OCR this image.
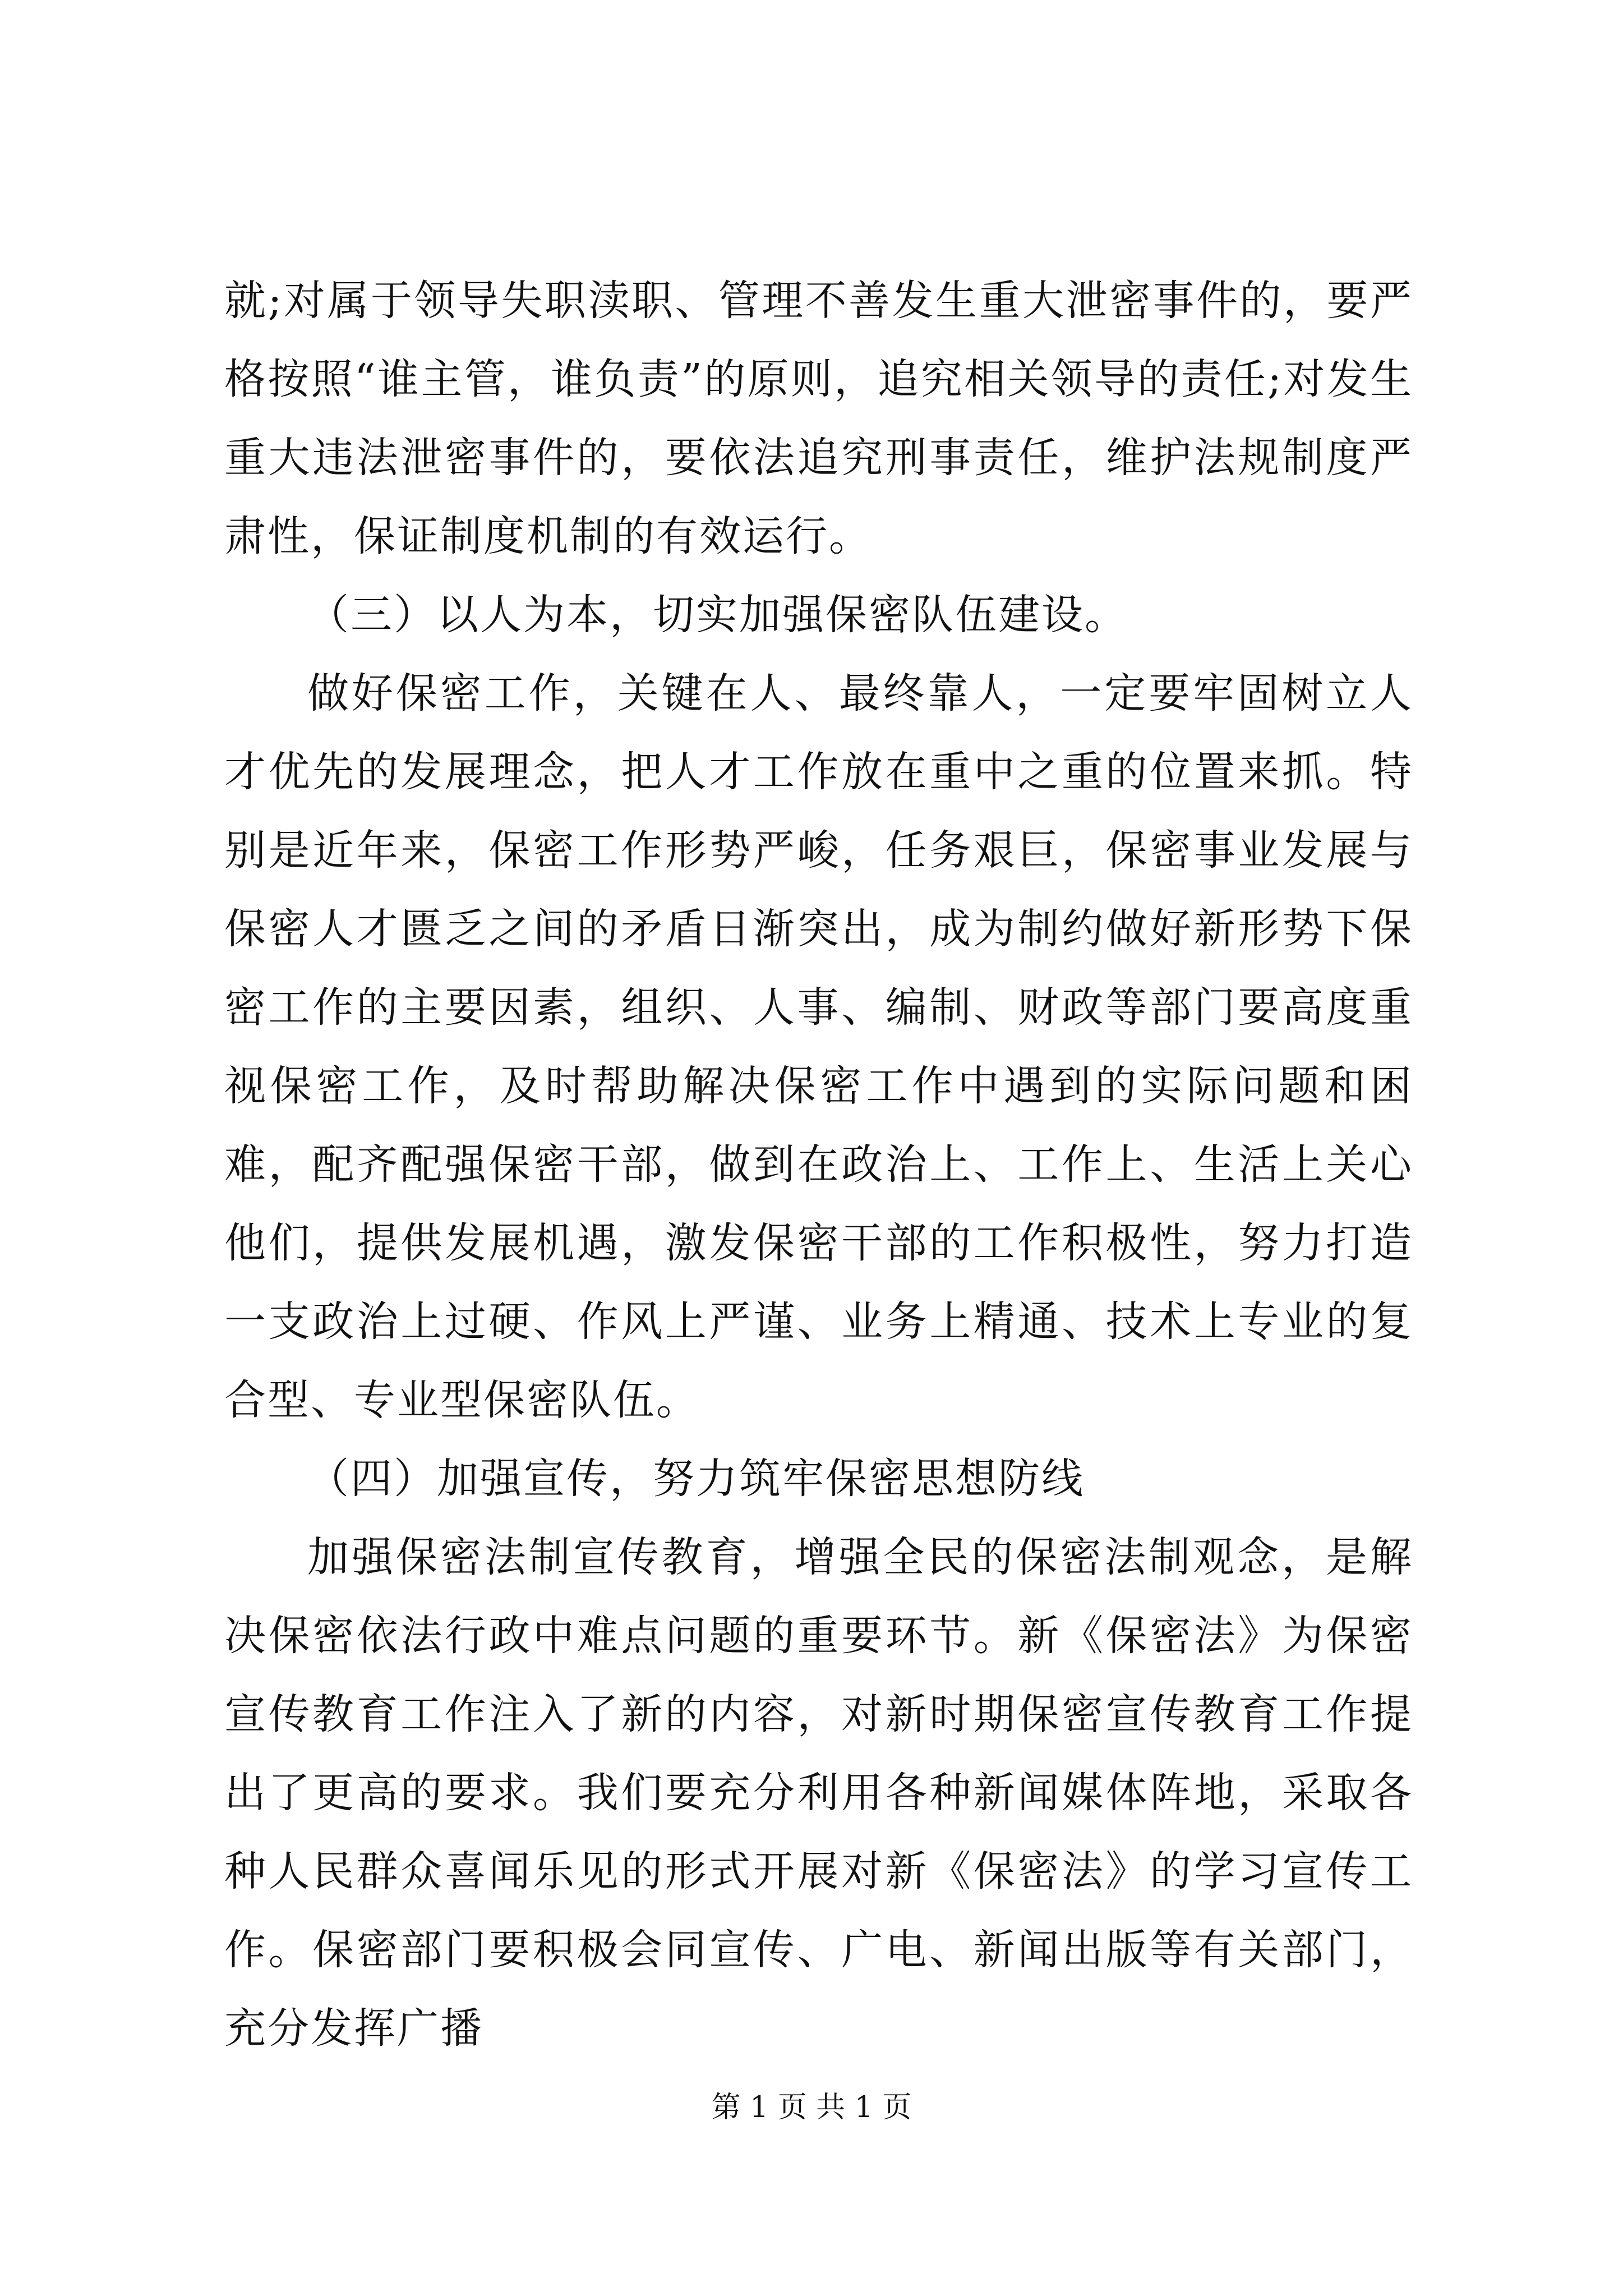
就;对属于领导失职渎职、管理不善发生重大泄密事件的，要严格按照“谁主管，谁负责”的原则，追究相关领导的责任;对发生重大违法泄密事件的，要依法追究刑事责任，维护法规制度严肃性，保证制度机制的有效运行。

（三）以人为本，切实加强保密队伍建设。

做好保密工作，关键在人、最终靠人，一定要牢固树立人才优先的发展理念，把人才工作放在重中之重的位置来抓。特别是近年来，保密工作形势严峻，任务艰巨，保密事业发展与保密人才匮乏之间的矛盾日渐突出，成为制约做好新形势下保密工作的主要因素，组织、人事、编制、财政等部门要高度重视保密工作，及时帮助解决保密工作中遇到的实际问题和困难，配齐配强保密干部，做到在政治上、工作上、生活上关心他们，提供发展机遇，激发保密干部的工作积极性，努力打造一支政治上过硬、作风上严谨、业务上精通、技术上专业的复合型、专业型保密队伍。

（四）加强宣传，努力筑牢保密思想防线

加强保密法制宣传教育，增强全民的保密法制观念，是解决保密依法行政中难点问题的重要环节。新《保密法》为保密宣传教育工作注入了新的内容，对新时期保密宣传教育工作提出了更高的要求。我们要充分利用各种新闻媒体阵地，采取各种人民群众喜闻乐见的形式开展对新《保密法》的学习宣传工作。保密部门要积极会同宣传、广电、新闻出版等有关部门，充分发挥广播

第 1 页 共 1 页
